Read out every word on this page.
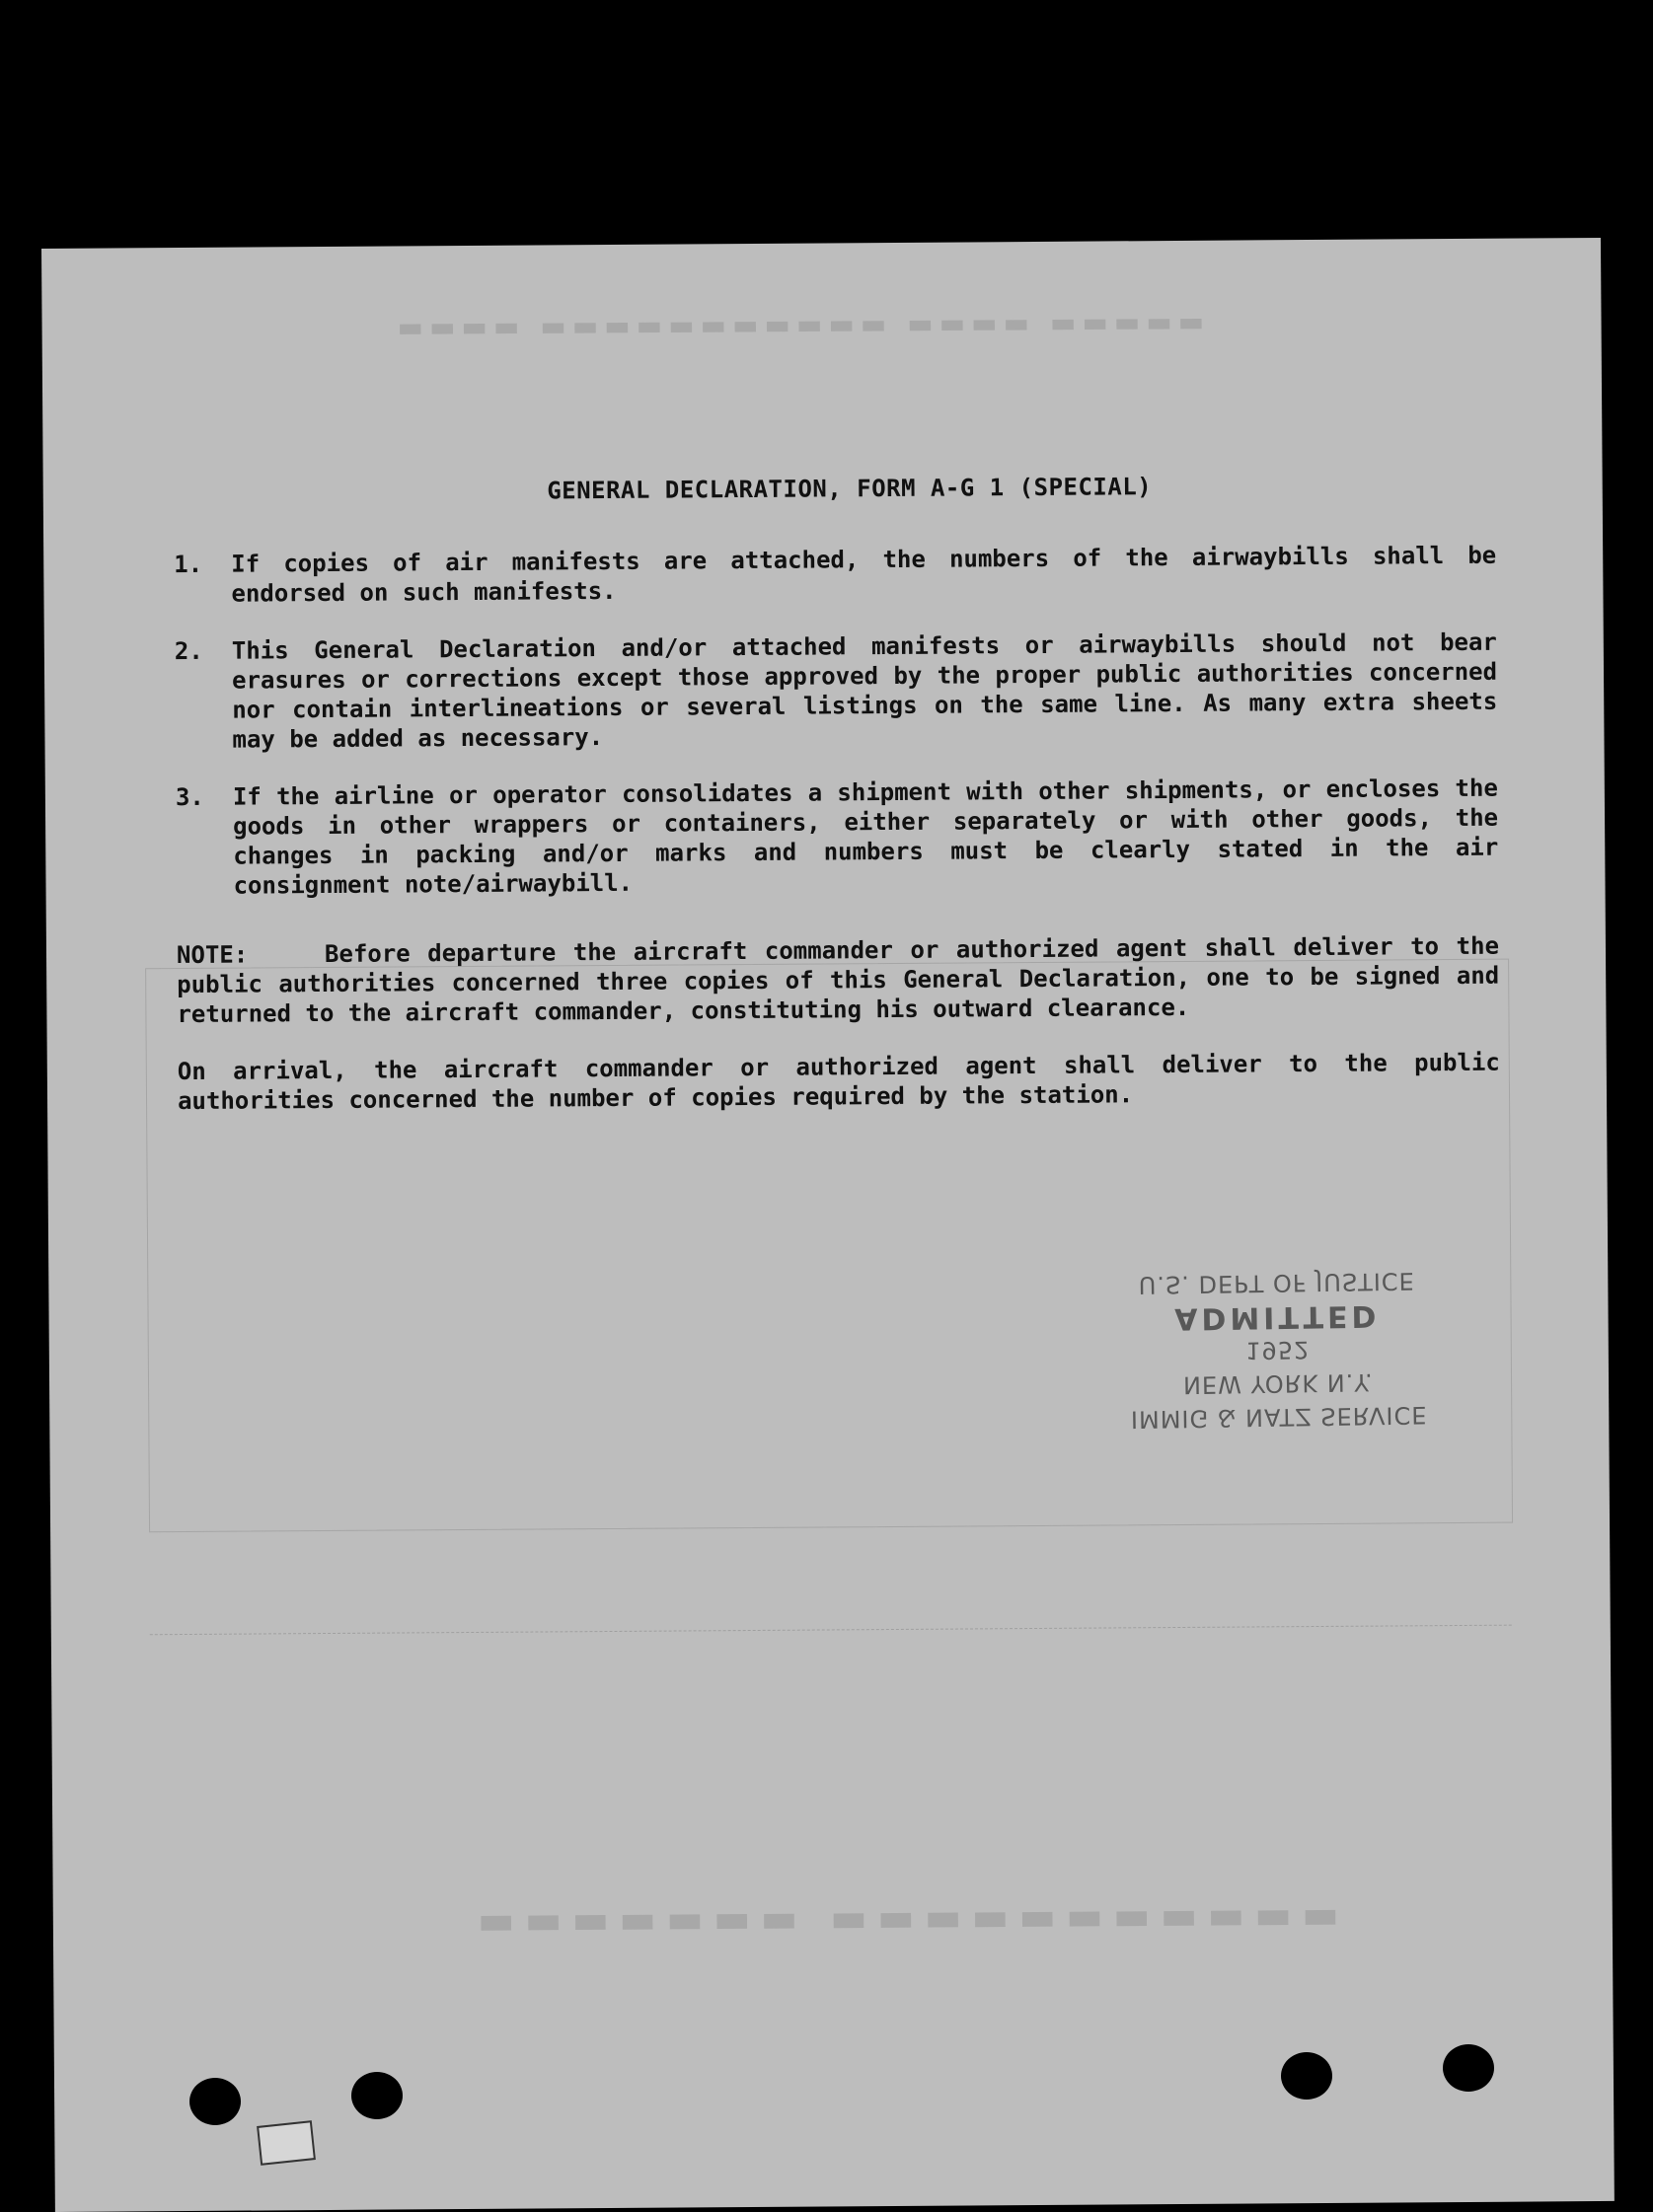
▬▬▬▬ ▬▬▬▬▬▬▬▬▬▬▬ ▬▬▬▬ ▬▬▬▬▬
▬▬▬▬▬▬▬ ▬▬▬▬▬▬▬▬▬▬▬
GENERAL DECLARATION, FORM A-G 1 (SPECIAL)
1.	If copies of air manifests are attached, the numbers of the airwaybills shall be endorsed on such manifests.
2.	This General Declaration and/or attached manifests or airwaybills should not bear erasures or corrections except those approved by the proper public authorities concerned nor contain interlineations or several listings on the same line. As many extra sheets may be added as necessary.
3.	If the airline or operator consolidates a shipment with other shipments, or encloses the goods in other wrappers or containers, either separately or with other goods, the changes in packing and/or marks and numbers must be clearly stated in the air consignment note/airwaybill.
NOTE:	Before departure the aircraft commander or authorized agent shall deliver to the public authorities concerned three copies of this General Declaration, one to be signed and returned to the aircraft commander, constituting his outward clearance.
On arrival, the aircraft commander or authorized agent shall deliver to the public authorities concerned the number of copies required by the station.
IMMIG & NATZ SERVICE
NEW YORK N.Y.
1952
ADMITTED
U.S. DEPT OF JUSTICE
